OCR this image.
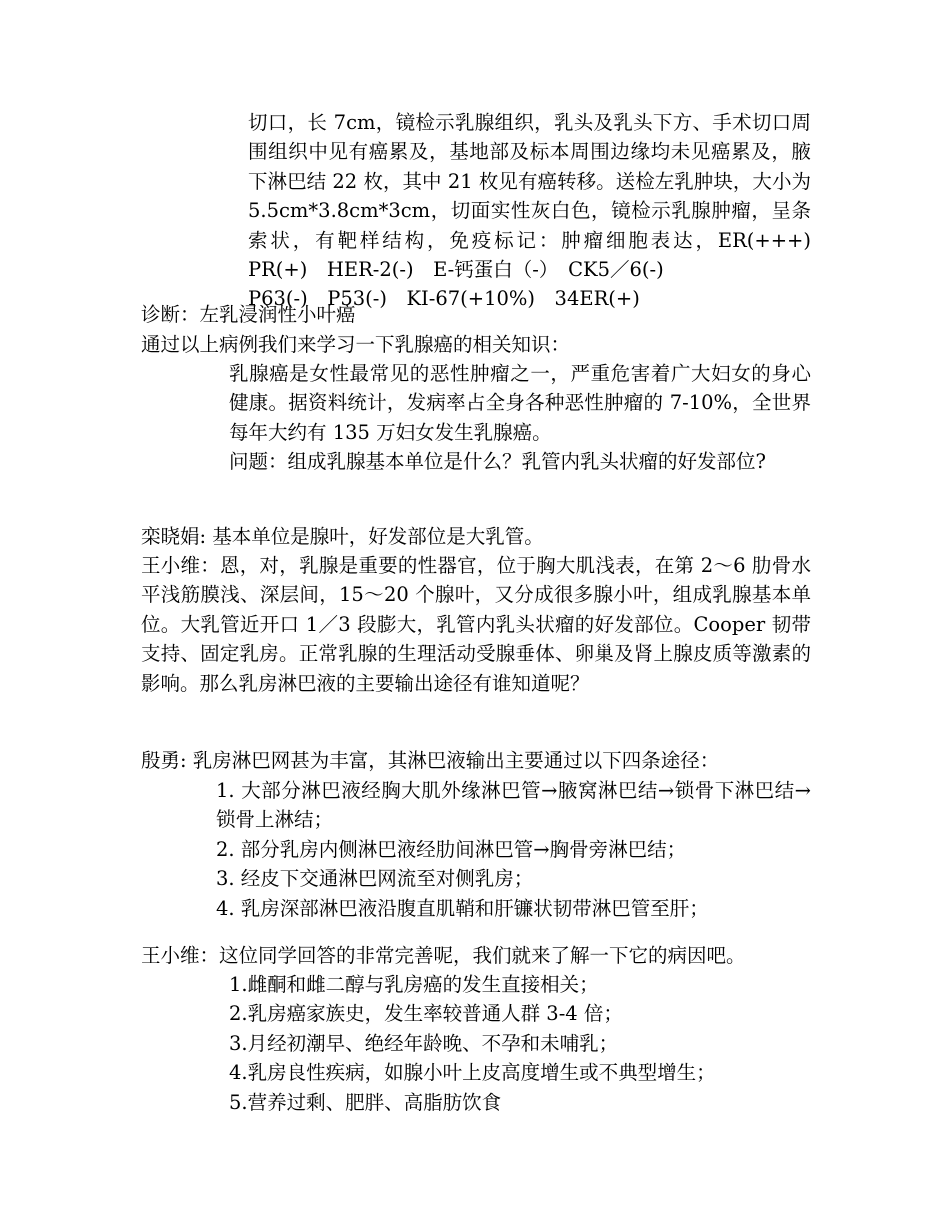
切口，长 7cm，镜检示乳腺组织，乳头及乳头下方、手术切口周围组织中见有癌累及，基地部及标本周围边缘均未见癌累及，腋下淋巴结 22 枚，其中 21 枚见有癌转移。送检左乳肿块，大小为 5.5cm*3.8cm*3cm，切面实性灰白色，镜检示乳腺肿瘤，呈条索状，有靶样结构，免疫标记：肿瘤细胞表达，ER(+++)　PR(+)　HER-2(-)　E-钙蛋白（-）　CK5／6(-)
P63(-)　P53(-)　KI-67(+10%)　34ER(+)

诊断：左乳浸润性小叶癌

通过以上病例我们来学习一下乳腺癌的相关知识：

乳腺癌是女性最常见的恶性肿瘤之一，严重危害着广大妇女的身心健康。据资料统计，发病率占全身各种恶性肿瘤的 7-10%，全世界每年大约有 135 万妇女发生乳腺癌。

问题： 组成乳腺基本单位是什么？乳管内乳头状瘤的好发部位?

栾晓娟: 基本单位是腺叶，好发部位是大乳管。

王小维：恩，对，乳腺是重要的性器官，位于胸大肌浅表，在第 2～6 肋骨水平浅筋膜浅、深层间，15～20 个腺叶，又分成很多腺小叶，组成乳腺基本单位。大乳管近开口 1／3 段膨大，乳管内乳头状瘤的好发部位。Cooper 韧带支持、固定乳房。正常乳腺的生理活动受腺垂体、卵巢及肾上腺皮质等激素的影响。那么乳房淋巴液的主要输出途径有谁知道呢？

殷勇: 乳房淋巴网甚为丰富，其淋巴液输出主要通过以下四条途径：

1. 大部分淋巴液经胸大肌外缘淋巴管→腋窝淋巴结→锁骨下淋巴结→锁骨上淋结；
2. 部分乳房内侧淋巴液经肋间淋巴管→胸骨旁淋巴结；
3. 经皮下交通淋巴网流至对侧乳房；
4. 乳房深部淋巴液沿腹直肌鞘和肝镰状韧带淋巴管至肝；

王小维：这位同学回答的非常完善呢，我们就来了解一下它的病因吧。

1.雌酮和雌二醇与乳房癌的发生直接相关；
2.乳房癌家族史，发生率较普通人群 3-4 倍；
3.月经初潮早、绝经年龄晚、不孕和未哺乳；
4.乳房良性疾病，如腺小叶上皮高度增生或不典型增生；
5.营养过剩、肥胖、高脂肪饮食
